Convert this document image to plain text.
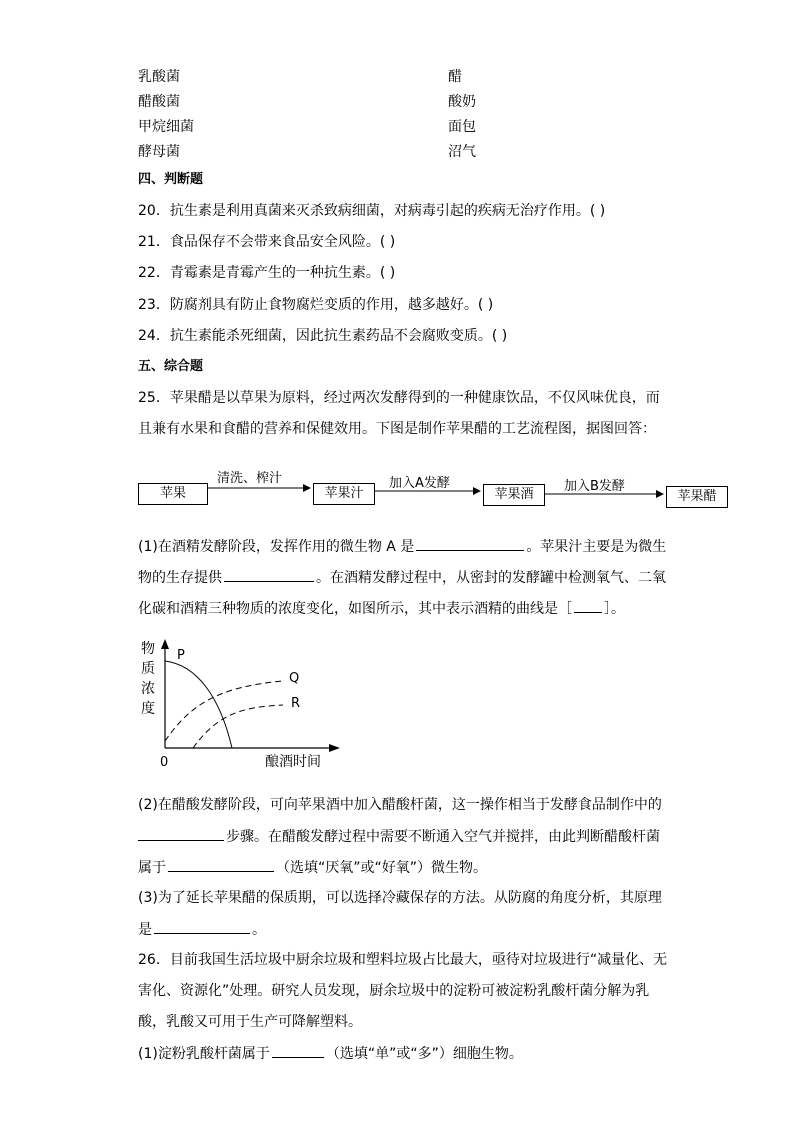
乳酸菌	醋
醋酸菌	酸奶
甲烷细菌	面包
酵母菌	沼气
四、判断题
20．抗生素是利用真菌来灭杀致病细菌，对病毒引起的疾病无治疗作用。( )
21．食品保存不会带来食品安全风险。( )
22．青霉素是青霉产生的一种抗生素。( )
23．防腐剂具有防止食物腐烂变质的作用，越多越好。( )
24．抗生素能杀死细菌，因此抗生素药品不会腐败变质。( )
五、综合题
25．苹果醋是以草果为原料，经过两次发酵得到的一种健康饮品，不仅风味优良，而
且兼有水果和食醋的营养和保健效用。下图是制作苹果醋的工艺流程图，据图回答：
苹果
清洗、榨汁
苹果汁
加入A发酵
苹果酒
加入B发酵
苹果醋
(1)在酒精发酵阶段，发挥作用的微生物 A 是	。苹果汁主要是为微生
物的生存提供	。在酒精发酵过程中，从密封的发酵罐中检测氧气、二氧
化碳和酒精三种物质的浓度变化，如图所示，其中表示酒精的曲线是［ ］。
物
质
浓
度
P
Q
R
0	酿酒时间
(2)在醋酸发酵阶段，可向苹果酒中加入醋酸杆菌，这一操作相当于发酵食品制作中的
步骤。在醋酸发酵过程中需要不断通入空气并搅拌，由此判断醋酸杆菌
属于	（选填“厌氧”或“好氧”）微生物。
(3)为了延长苹果醋的保质期，可以选择冷藏保存的方法。从防腐的角度分析，其原理
是	。
26．目前我国生活垃圾中厨余垃圾和塑料垃圾占比最大，亟待对垃圾进行“减量化、无
害化、资源化”处理。研究人员发现，厨余垃圾中的淀粉可被淀粉乳酸杆菌分解为乳
酸，乳酸又可用于生产可降解塑料。
(1)淀粉乳酸杆菌属于	（选填“单”或“多”）细胞生物。
